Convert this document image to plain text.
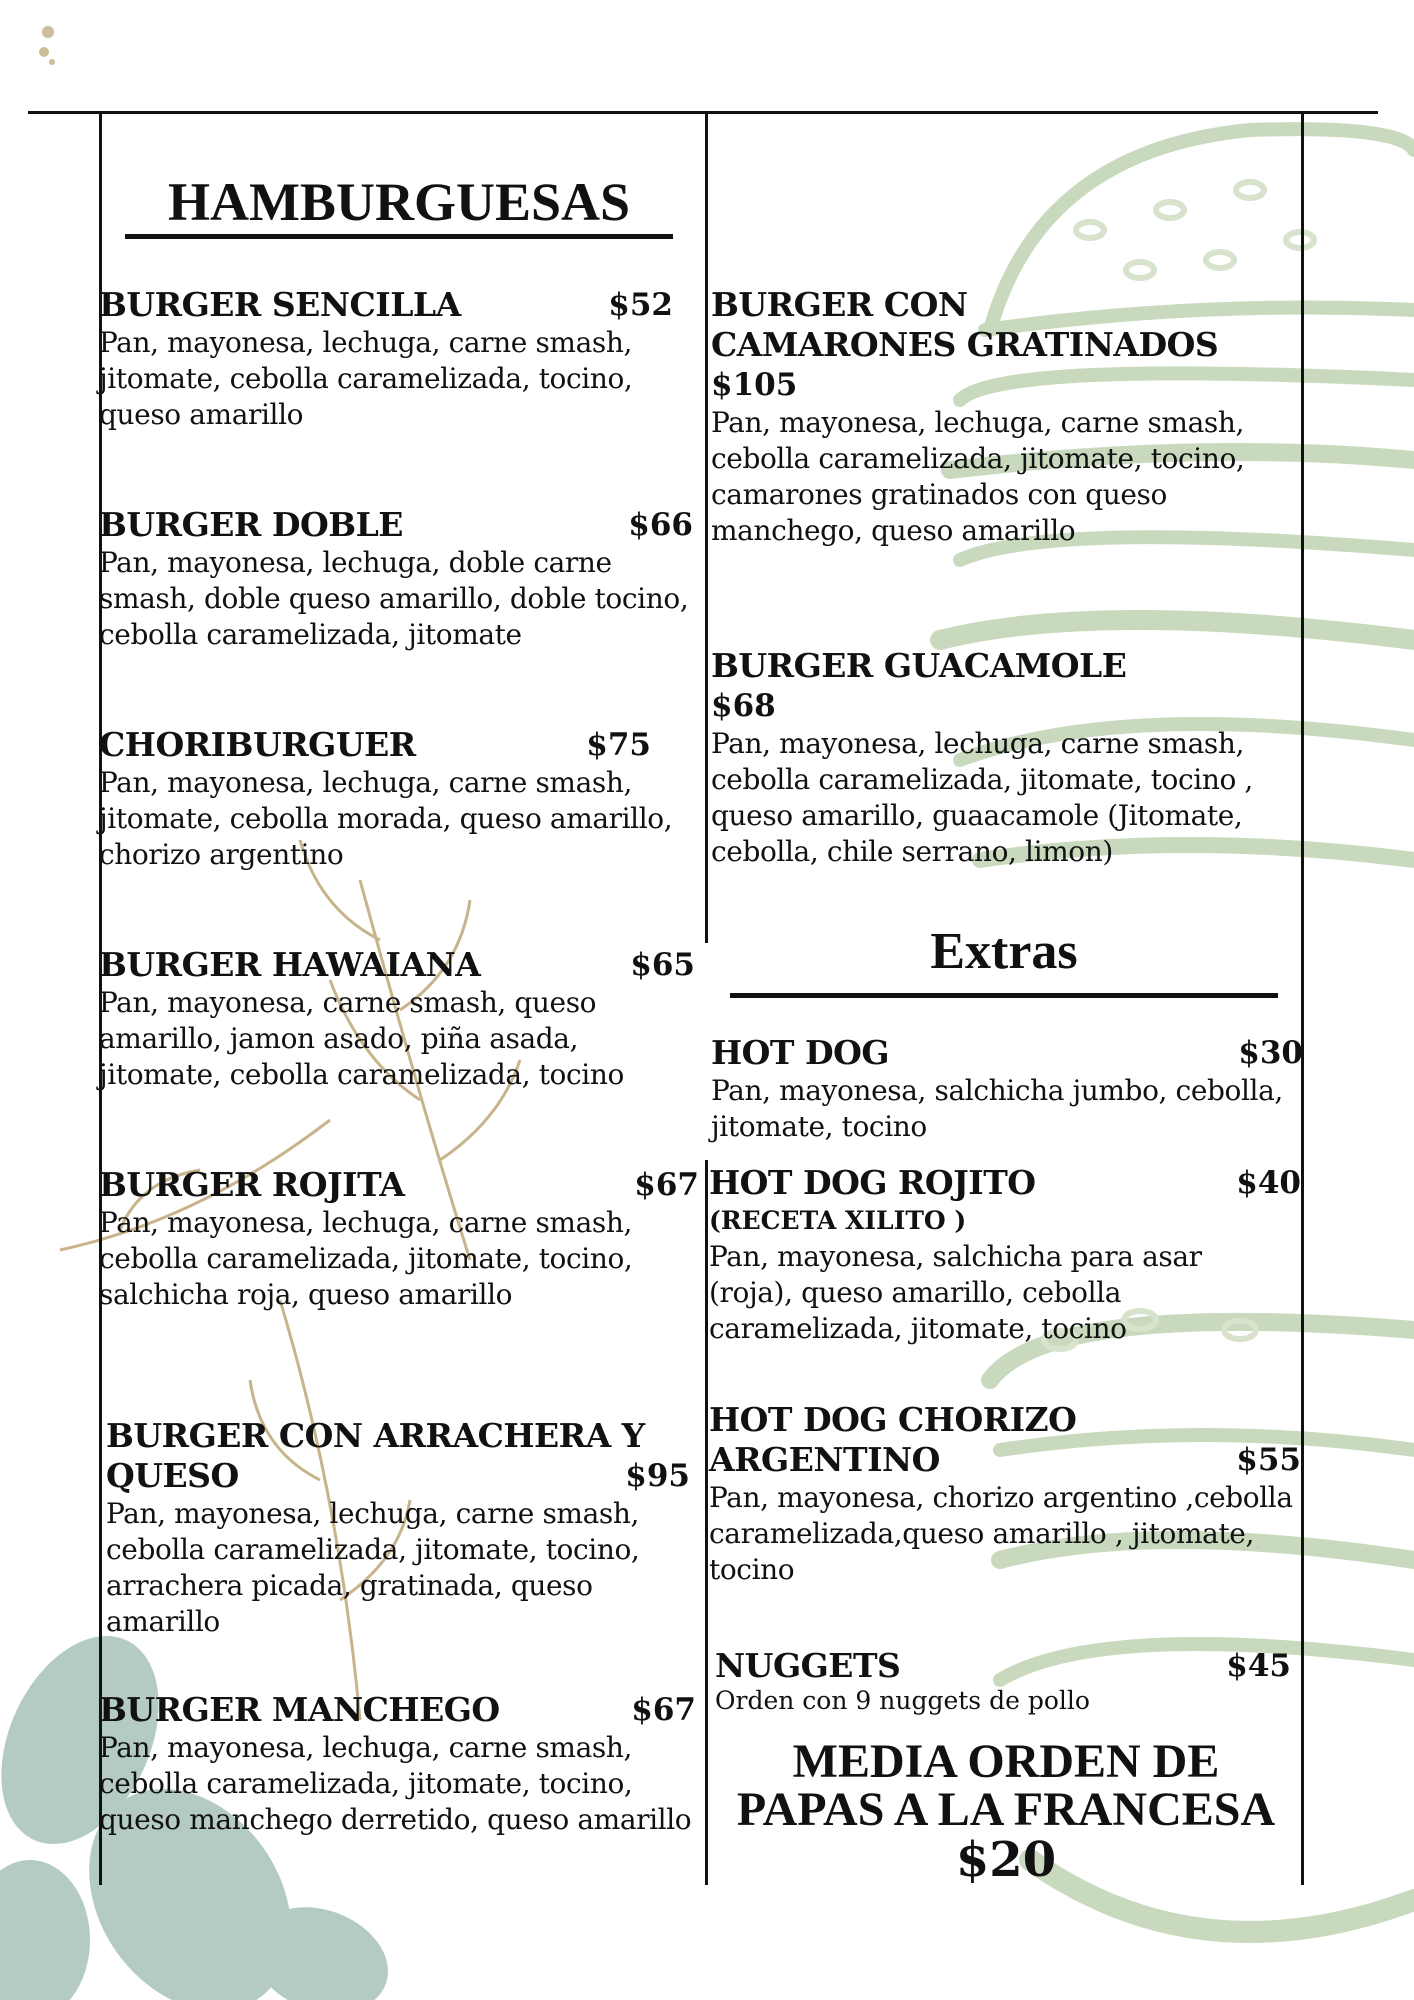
HAMBURGUESAS
Extras
BURGER SENCILLA	$52
Pan, mayonesa, lechuga, carne smash, jitomate, cebolla caramelizada, tocino, queso amarillo
BURGER DOBLE	$66
Pan, mayonesa, lechuga, doble carne smash, doble queso amarillo, doble tocino, cebolla caramelizada, jitomate
CHORIBURGUER	$75
Pan, mayonesa, lechuga, carne smash, jitomate, cebolla morada, queso amarillo, chorizo argentino
BURGER HAWAIANA	$65
Pan, mayonesa, carne smash, queso amarillo, jamon asado, piña asada, jitomate, cebolla caramelizada, tocino
BURGER ROJITA	$67
Pan, mayonesa, lechuga, carne smash, cebolla caramelizada, jitomate, tocino, salchicha roja, queso amarillo
BURGER CON ARRACHERA Y
QUESO	$95
Pan, mayonesa, lechuga, carne smash, cebolla caramelizada, jitomate, tocino, arrachera picada, gratinada, queso amarillo
BURGER MANCHEGO	$67
Pan, mayonesa, lechuga, carne smash, cebolla caramelizada, jitomate, tocino, queso manchego derretido, queso amarillo
BURGER CON
CAMARONES GRATINADOS
$105
Pan, mayonesa, lechuga, carne smash, cebolla caramelizada, jitomate, tocino, camarones gratinados con queso manchego, queso amarillo
BURGER GUACAMOLE
$68
Pan, mayonesa, lechuga, carne smash, cebolla caramelizada, jitomate, tocino , queso amarillo, guaacamole (Jitomate, cebolla, chile serrano, limon)
HOT DOG	$30
Pan, mayonesa, salchicha jumbo, cebolla, jitomate, tocino
HOT DOG ROJITO	$40
(RECETA XILITO )
Pan, mayonesa, salchicha para asar (roja), queso amarillo, cebolla caramelizada, jitomate, tocino
HOT DOG CHORIZO
ARGENTINO	$55
Pan, mayonesa, chorizo argentino ,cebolla caramelizada,queso amarillo , jitomate, tocino
NUGGETS	$45
Orden con 9 nuggets de pollo
MEDIA ORDEN DE
PAPAS A LA FRANCESA
$20
